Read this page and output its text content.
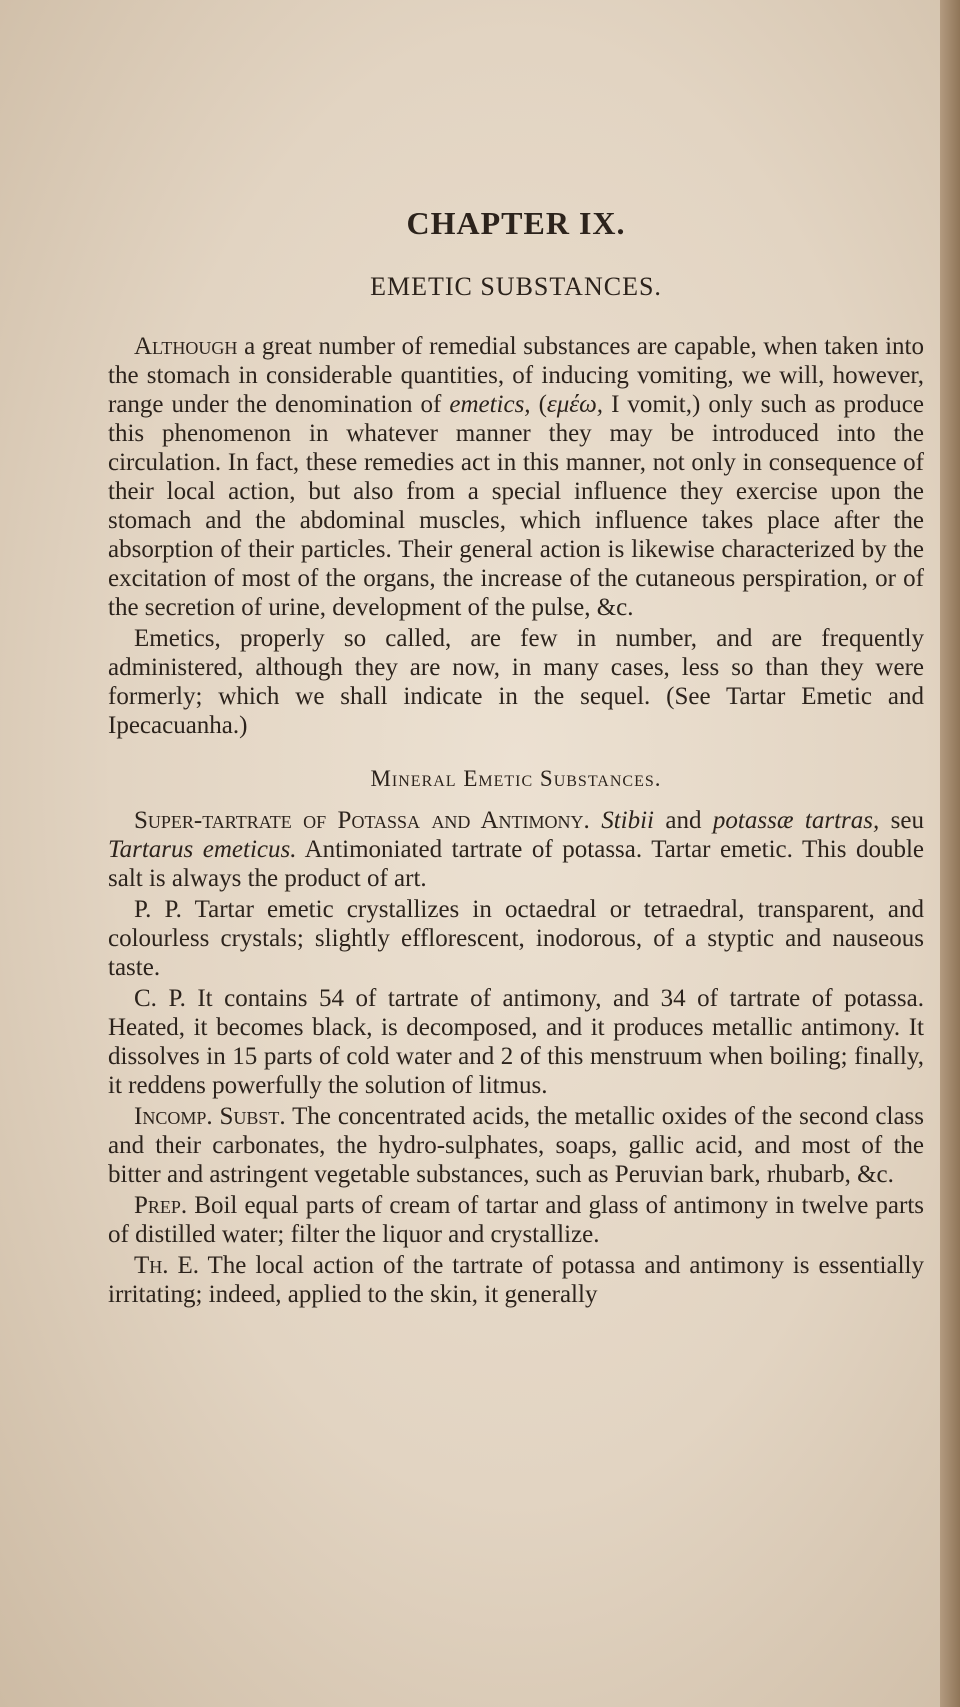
CHAPTER IX.
EMETIC SUBSTANCES.

Although a great number of remedial substances are capable, when taken into the stomach in considerable quantities, of inducing vomiting, we will, however, range under the denomination of emetics, (εμέω, I vomit,) only such as produce this phenomenon in whatever manner they may be introduced into the circulation. In fact, these remedies act in this manner, not only in consequence of their local action, but also from a special influence they exercise upon the stomach and the abdominal muscles, which influence takes place after the absorption of their particles. Their general action is likewise characterized by the excitation of most of the organs, the increase of the cutaneous perspiration, or of the secretion of urine, development of the pulse, &c.

Emetics, properly so called, are few in number, and are frequently administered, although they are now, in many cases, less so than they were formerly; which we shall indicate in the sequel. (See Tartar Emetic and Ipecacuanha.)

Mineral Emetic Substances.

Super-tartrate of Potassa and Antimony. Stibii and potassæ tartras, seu Tartarus emeticus. Antimoniated tartrate of potassa. Tartar emetic. This double salt is always the product of art.

P. P. Tartar emetic crystallizes in octaedral or tetraedral, transparent, and colourless crystals; slightly efflorescent, inodorous, of a styptic and nauseous taste.

C. P. It contains 54 of tartrate of antimony, and 34 of tartrate of potassa. Heated, it becomes black, is decomposed, and it produces metallic antimony. It dissolves in 15 parts of cold water and 2 of this menstruum when boiling; finally, it reddens powerfully the solution of litmus.

Incomp. Subst. The concentrated acids, the metallic oxides of the second class and their carbonates, the hydro-sulphates, soaps, gallic acid, and most of the bitter and astringent vegetable substances, such as Peruvian bark, rhubarb, &c.

Prep. Boil equal parts of cream of tartar and glass of antimony in twelve parts of distilled water; filter the liquor and crystallize.

Th. E. The local action of the tartrate of potassa and antimony is essentially irritating; indeed, applied to the skin, it generally
